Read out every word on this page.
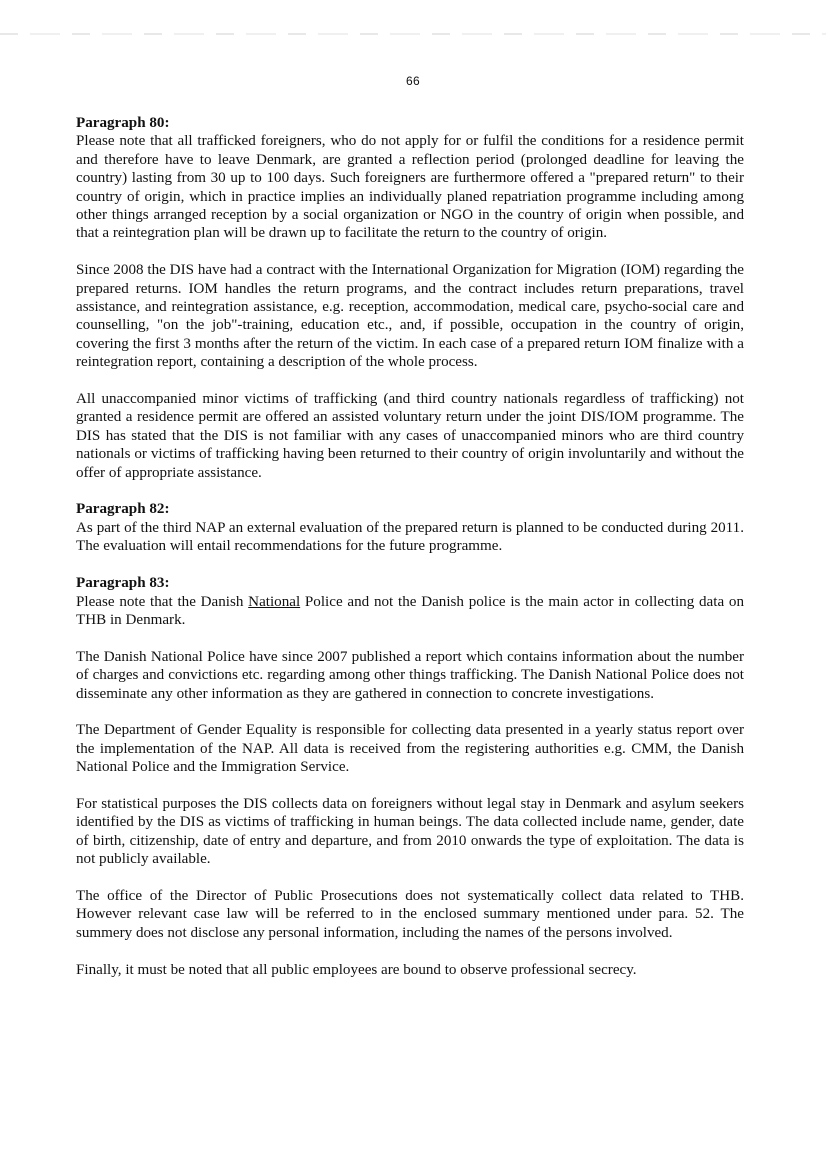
66
Paragraph 80:

Please note that all trafficked foreigners, who do not apply for or fulfil the conditions for a residence permit and therefore have to leave Denmark, are granted a reflection period (prolonged deadline for leaving the country) lasting from 30 up to 100 days. Such foreigners are furthermore offered a "prepared return" to their country of origin, which in practice implies an individually planed repatriation programme including among other things arranged reception by a social organization or NGO in the country of origin when possible, and that a reintegration plan will be drawn up to facilitate the return to the country of origin.

Since 2008 the DIS have had a contract with the International Organization for Migration (IOM) regarding the prepared returns. IOM handles the return programs, and the contract includes return preparations, travel assistance, and reintegration assistance, e.g. reception, accommodation, medical care, psycho-social care and counselling, "on the job"-training, education etc., and, if possible, occupation in the country of origin, covering the first 3 months after the return of the victim. In each case of a prepared return IOM finalize with a reintegration report, containing a description of the whole process.

All unaccompanied minor victims of trafficking (and third country nationals regardless of trafficking) not granted a residence permit are offered an assisted voluntary return under the joint DIS/IOM programme. The DIS has stated that the DIS is not familiar with any cases of unaccompanied minors who are third country nationals or victims of trafficking having been returned to their country of origin involuntarily and without the offer of appropriate assistance.

Paragraph 82:

As part of the third NAP an external evaluation of the prepared return is planned to be conducted during 2011. The evaluation will entail recommendations for the future programme.

Paragraph 83:

Please note that the Danish National Police and not the Danish police is the main actor in collecting data on THB in Denmark.

The Danish National Police have since 2007 published a report which contains information about the number of charges and convictions etc. regarding among other things trafficking. The Danish National Police does not disseminate any other information as they are gathered in connection to concrete investigations.

The Department of Gender Equality is responsible for collecting data presented in a yearly status report over the implementation of the NAP. All data is received from the registering authorities e.g. CMM, the Danish National Police and the Immigration Service.

For statistical purposes the DIS collects data on foreigners without legal stay in Denmark and asylum seekers identified by the DIS as victims of trafficking in human beings. The data collected include name, gender, date of birth, citizenship, date of entry and departure, and from 2010 onwards the type of exploitation. The data is not publicly available.

The office of the Director of Public Prosecutions does not systematically collect data related to THB. However relevant case law will be referred to in the enclosed summary mentioned under para. 52. The summery does not disclose any personal information, including the names of the persons involved.

Finally, it must be noted that all public employees are bound to observe professional secrecy.
